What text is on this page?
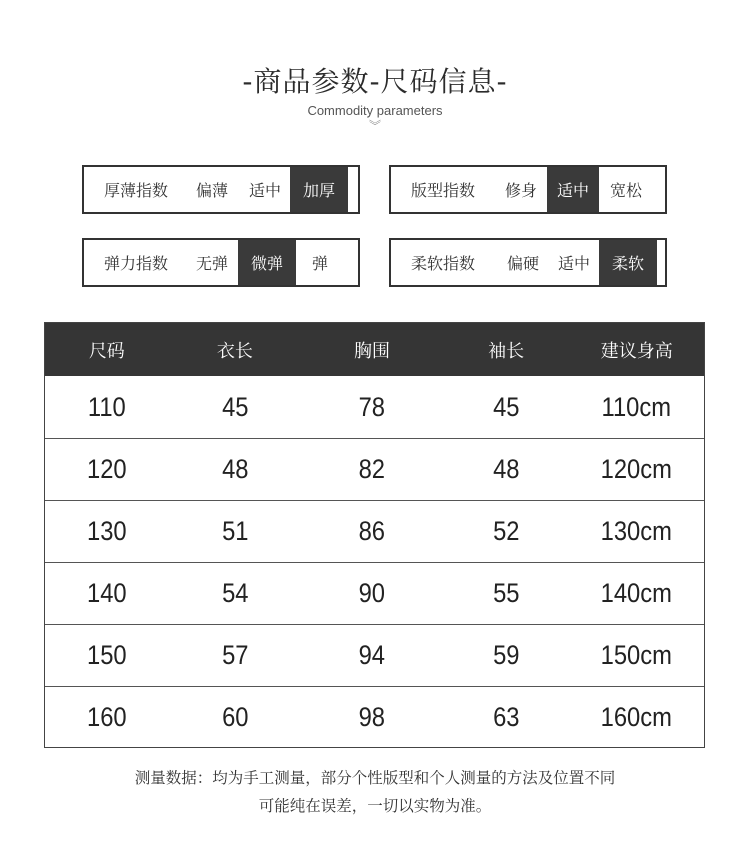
-商品参数-尺码信息-
Commodity parameters
︾
厚薄指数	偏薄	适中	加厚	版型指数	修身	适中	宽松
弹力指数	无弹	微弹	弹	柔软指数	偏硬	适中	柔软
尺码	衣长	胸围	袖长	建议身高
110	45	78	45	110cm
120	48	82	48	120cm
130	51	86	52	130cm
140	54	90	55	140cm
150	57	94	59	150cm
160	60	98	63	160cm
测量数据：均为手工测量，部分个性版型和个人测量的方法及位置不同
可能纯在误差，一切以实物为准。
